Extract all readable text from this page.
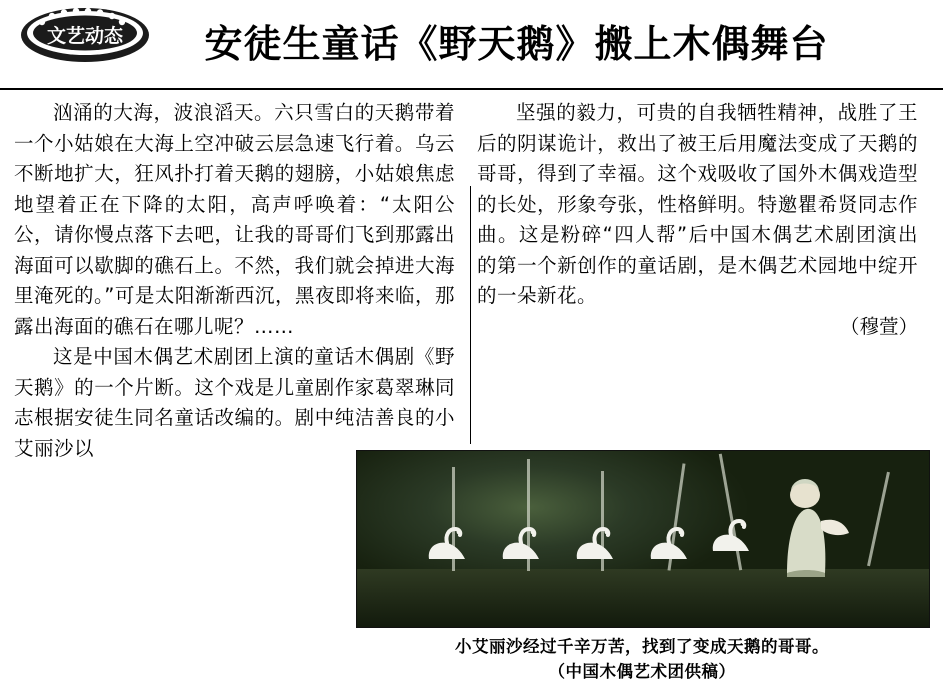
文艺动态	安徒生童话《野天鹅》搬上木偶舞台

汹涌的大海，波浪滔天。六只雪白的天鹅带着一个小姑娘在大海上空冲破云层急速飞行着。乌云不断地扩大，狂风扑打着天鹅的翅膀，小姑娘焦虑地望着正在下降的太阳，高声呼唤着：“太阳公公，请你慢点落下去吧，让我的哥哥们飞到那露出海面可以歇脚的礁石上。不然，我们就会掉进大海里淹死的。”可是太阳渐渐西沉，黑夜即将来临，那露出海面的礁石在哪儿呢？……

这是中国木偶艺术剧团上演的童话木偶剧《野天鹅》的一个片断。这个戏是儿童剧作家葛翠琳同志根据安徒生同名童话改编的。剧中纯洁善良的小艾丽沙以

坚强的毅力，可贵的自我牺牲精神，战胜了王后的阴谋诡计，救出了被王后用魔法变成了天鹅的哥哥，得到了幸福。这个戏吸收了国外木偶戏造型的长处，形象夸张，性格鲜明。特邀瞿希贤同志作曲。这是粉碎“四人帮”后中国木偶艺术剧团演出的第一个新创作的童话剧，是木偶艺术园地中绽开的一朵新花。

（穆萱）
小艾丽沙经过千辛万苦，找到了变成天鹅的哥哥。
（中国木偶艺术团供稿）
